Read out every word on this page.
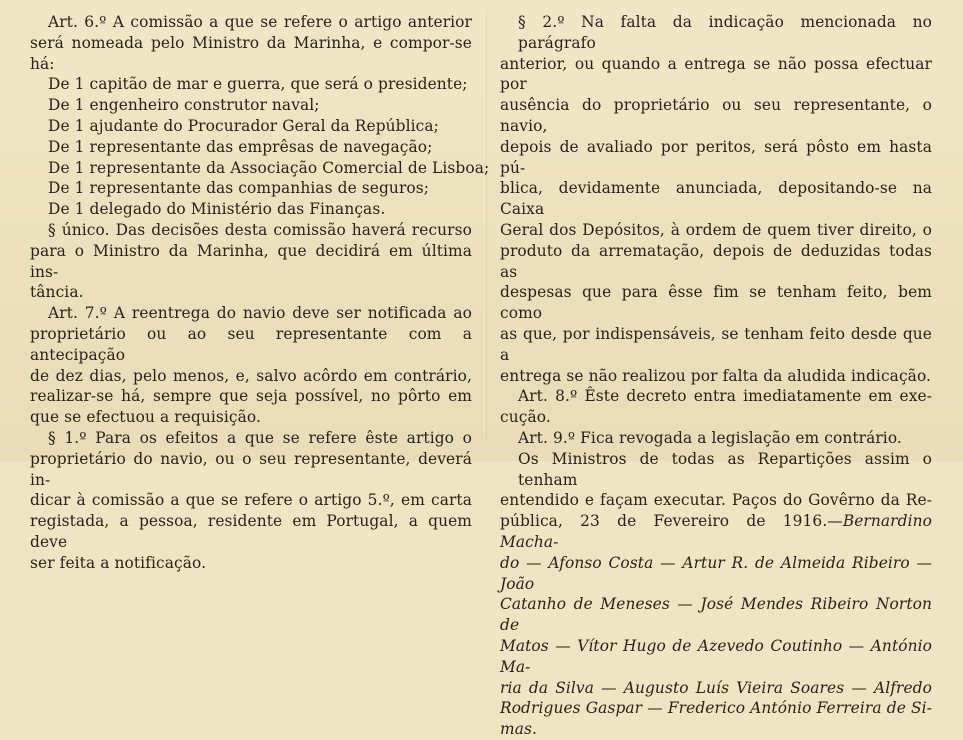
Art. 6.º A comissão a que se refere o artigo anterior
será nomeada pelo Ministro da Marinha, e compor-se há:
De 1 capitão de mar e guerra, que será o presidente;
De 1 engenheiro construtor naval;
De 1 ajudante do Procurador Geral da República;
De 1 representante das emprêsas de navegação;
De 1 representante da Associação Comercial de Lisboa;
De 1 representante das companhias de seguros;
De 1 delegado do Ministério das Finanças.
§ único. Das decisões desta comissão haverá recurso
para o Ministro da Marinha, que decidirá em última ins-
tância.
Art. 7.º A reentrega do navio deve ser notificada ao
proprietário ou ao seu representante com a antecipação
de dez dias, pelo menos, e, salvo acôrdo em contrário,
realizar-se há, sempre que seja possível, no pôrto em
que se efectuou a requisição.
§ 1.º Para os efeitos a que se refere êste artigo o
proprietário do navio, ou o seu representante, deverá in-
dicar à comissão a que se refere o artigo 5.º, em carta
registada, a pessoa, residente em Portugal, a quem deve
ser feita a notificação.
§ 2.º Na falta da indicação mencionada no parágrafo
anterior, ou quando a entrega se não possa efectuar por
ausência do proprietário ou seu representante, o navio,
depois de avaliado por peritos, será pôsto em hasta pú-
blica, devidamente anunciada, depositando-se na Caixa
Geral dos Depósitos, à ordem de quem tiver direito, o
produto da arrematação, depois de deduzidas todas as
despesas que para êsse fim se tenham feito, bem como
as que, por indispensáveis, se tenham feito desde que a
entrega se não realizou por falta da aludida indicação.
Art. 8.º Êste decreto entra imediatamente em exe-
cução.
Art. 9.º Fica revogada a legislação em contrário.
Os Ministros de todas as Repartições assim o tenham
entendido e façam executar. Paços do Govêrno da Re-
pública, 23 de Fevereiro de 1916.—Bernardino Macha-
do — Afonso Costa — Artur R. de Almeida Ribeiro — João
Catanho de Meneses — José Mendes Ribeiro Norton de
Matos — Vítor Hugo de Azevedo Coutinho — António Ma-
ria da Silva — Augusto Luís Vieira Soares — Alfredo
Rodrigues Gaspar — Frederico António Ferreira de Si-
mas.
